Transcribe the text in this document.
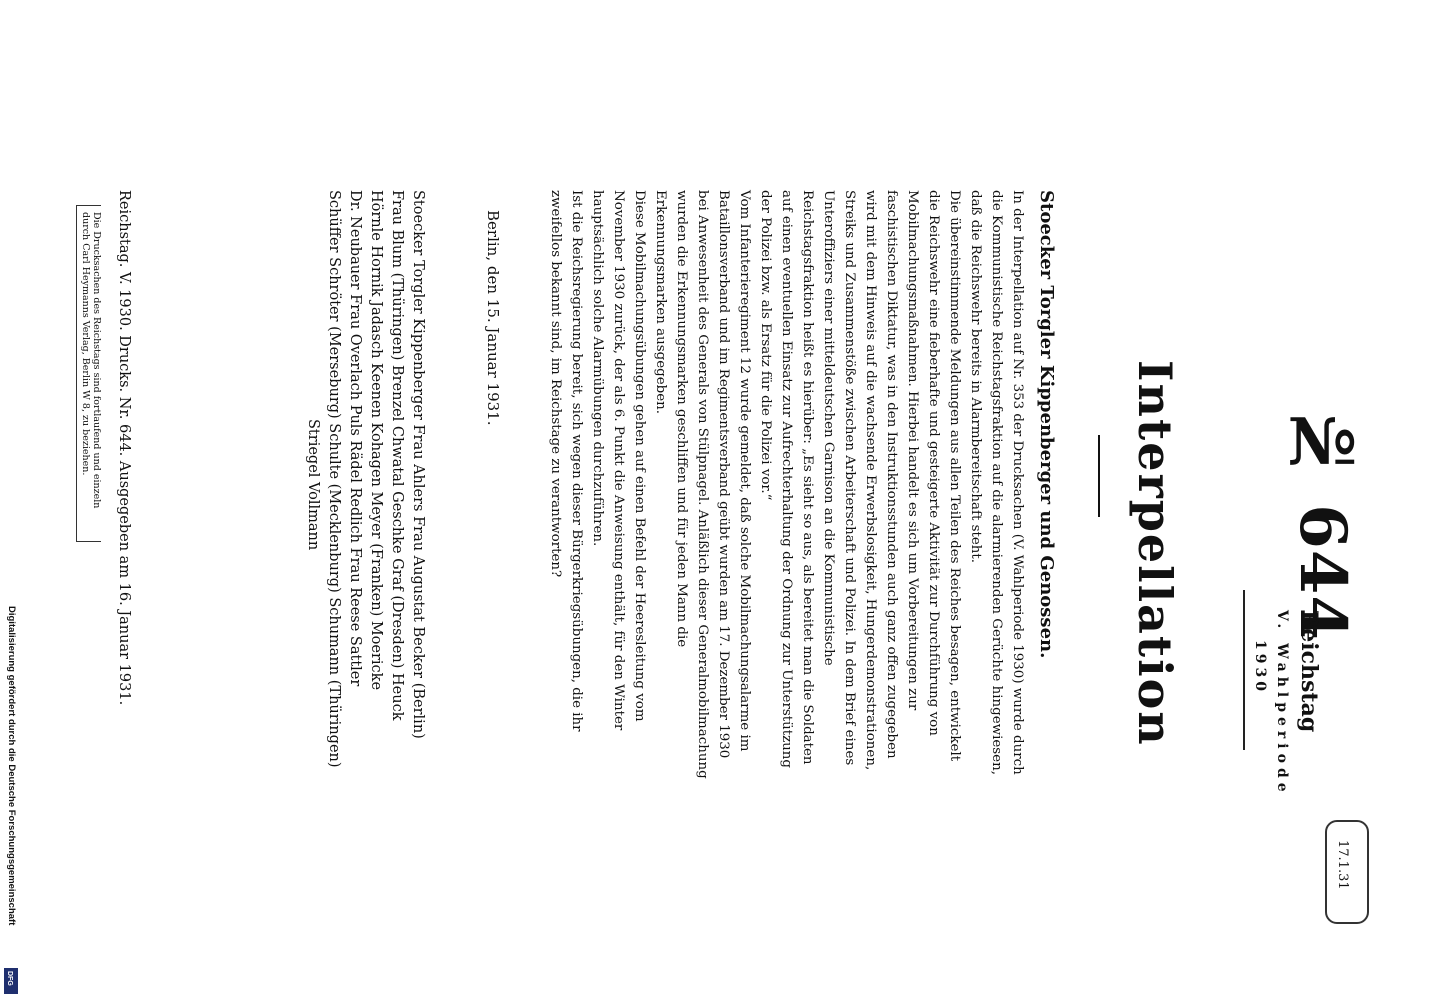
№ 644
Reichstag
V. Wahlperiode
1930
17.1.31
Interpellation
Stoecker Torgler Kippenberger und Genossen.
In der Interpellation auf Nr. 353 der Drucksachen (V. Wahlperiode 1930) wurde durch die Kommunistische Reichstagsfraktion auf die alarmierenden Gerüchte hingewiesen, daß die Reichswehr bereits in Alarmbereitschaft steht.
Die übereinstimmende Meldungen aus allen Teilen des Reiches besagen, entwickelt die Reichswehr eine fieberhafte und gesteigerte Aktivität zur Durchführung von Mobilmachungsmaßnahmen. Hierbei handelt es sich um Vorbereitungen zur faschistischen Diktatur, was in den Instruktionsstunden auch ganz offen zugegeben wird mit dem Hinweis auf die wachsende Erwerbslosigkeit, Hungerdemonstrationen, Streiks und Zusammenstöße zwischen Arbeiterschaft und Polizei. In dem Brief eines Unteroffiziers einer mitteldeutschen Garnison an die Kommunistische Reichstagsfraktion heißt es hierüber: „Es sieht so aus, als bereitet man die Soldaten auf einen eventuellen Einsatz zur Aufrechterhaltung der Ordnung zur Unterstützung der Polizei bzw. als Ersatz für die Polizei vor.“
Vom Infanterieregiment 12 wurde gemeldet, daß solche Mobilmachungsalarme im Bataillonsverband und im Regimentsverband geübt wurden am 17. Dezember 1930 bei Anwesenheit des Generals von Stülpnagel. Anläßlich dieser Generalmobilmachung wurden die Erkennungsmarken geschliffen und für jeden Mann die Erkennungsmarken ausgegeben.
Diese Mobilmachungsübungen gehen auf einen Befehl der Heeresleitung vom November 1930 zurück, der als 6. Punkt die Anweisung enthält, für den Winter hauptsächlich solche Alarmübungen durchzuführen.
Ist die Reichsregierung bereit, sich wegen dieser Bürgerkriegsübungen, die ihr zweifellos bekannt sind, im Reichstage zu verantworten?
Berlin, den 15. Januar 1931.
Stoecker Torgler Kippenberger Frau Ahlers Frau Augustat Becker (Berlin)
Frau Blum (Thüringen) Brenzel Chwatal Geschke Graf (Dresden) Heuck
Hörnle Hornik Jadasch Keenen Kohagen Meyer (Franken) Moericke
Dr. Neubauer Frau Overlach Puls Rädel Redlich Frau Reese Sattler
Schüffer Schröter (Merseburg) Schulte (Mecklenburg) Schumann (Thüringen)
Striegel Vollmann
Reichstag. V. 1930. Drucks. Nr. 644. Ausgegeben am 16. Januar 1931.
Die Drucksachen des Reichstags sind fortlaufend und einzeln
durch Carl Heymanns Verlag, Berlin W 8, zu beziehen.
Digitalisierung gefördert durch die Deutsche Forschungsgemeinschaft
DFG
